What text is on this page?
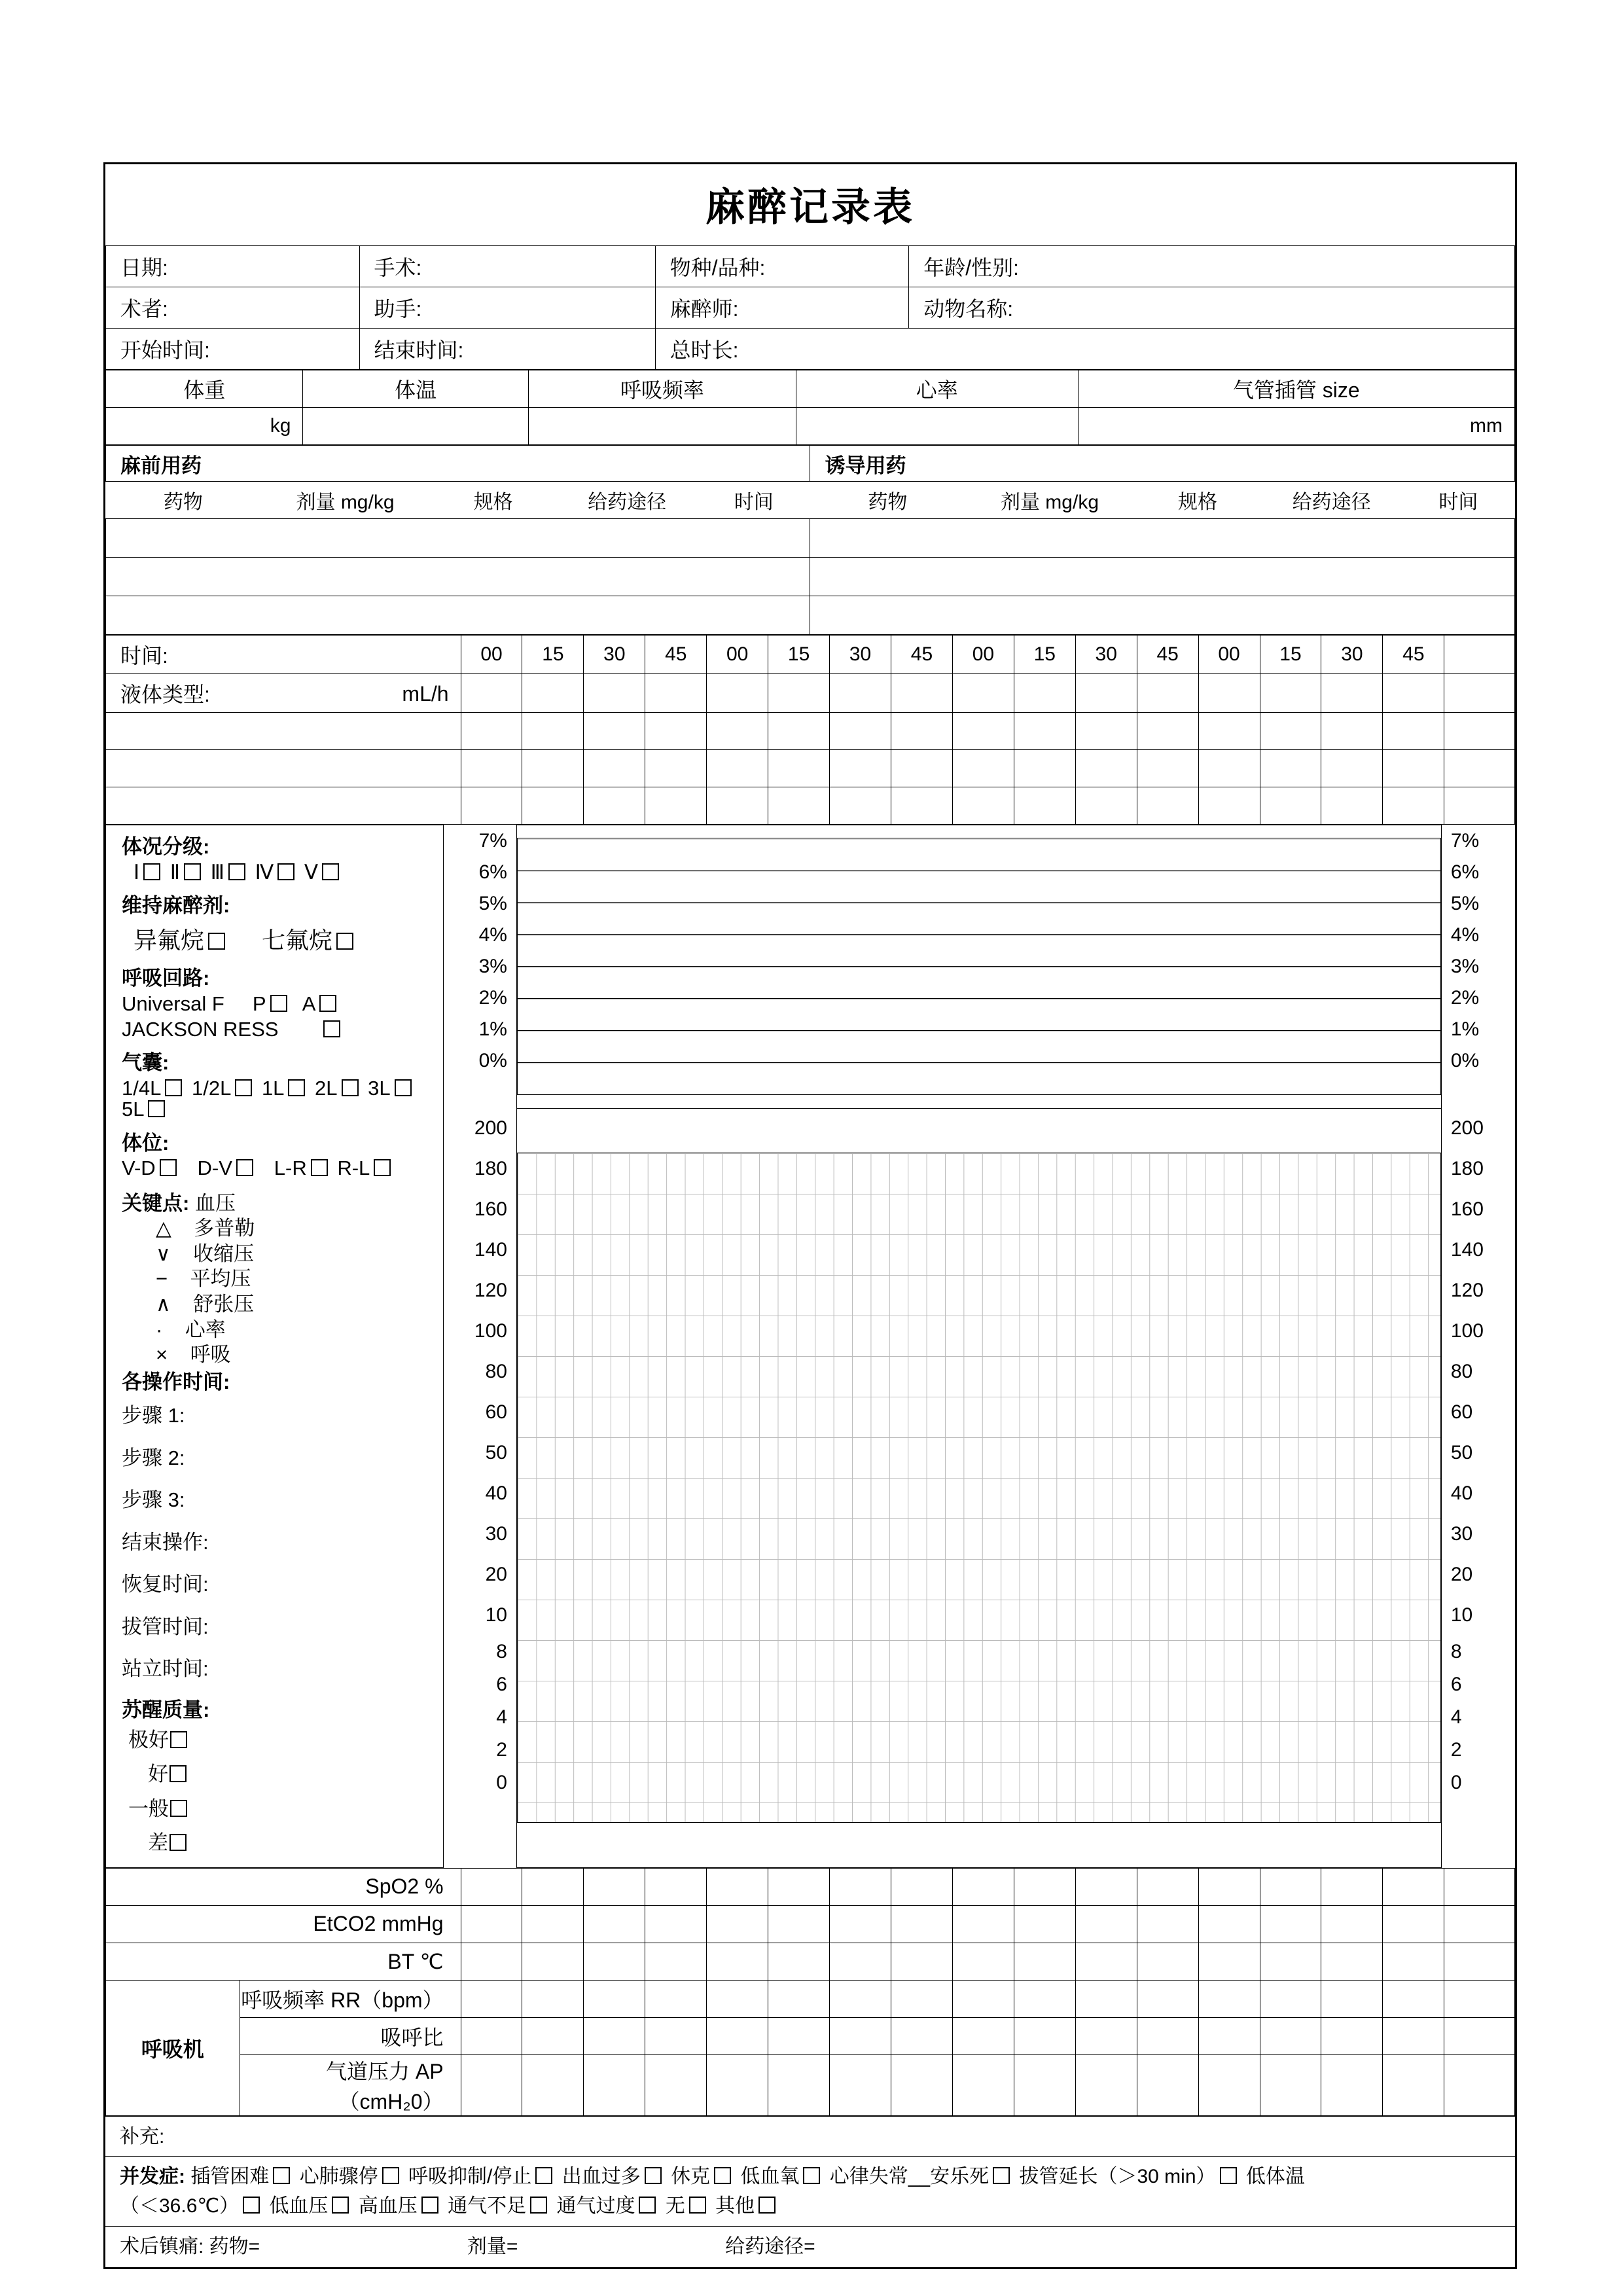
麻醉记录表
日期:	手术:	物种/品种:	年龄/性别:
术者:	助手:	麻醉师:	动物名称:
开始时间:	结束时间:	总时长:	
体重	体温	呼吸频率	心率	气管插管 size
kg				mm
麻前用药					诱导用药				
药物	剂量 mg/kg	规格	给药途径	时间	药物	剂量 mg/kg	规格	给药途径	时间

时间:	00	15	30	45	00	15	30	45	00	15	30	45	00	15	30	45	
液体类型: mL/h																	

体况分级:
Ⅰ Ⅱ Ⅲ Ⅳ Ⅴ
维持麻醉剂:
异氟烷 七氟烷
呼吸回路:
Universal F P A
JACKSON RESS
气囊:
1/4L 1/2L 1L 2L 3L 5L
体位:
V-D D-V L-R R-L
关键点: 血压
△ 多普勒
∨ 收缩压
− 平均压
∧ 舒张压
· 心率
× 呼吸
各操作时间:
步骤 1:
步骤 2:
步骤 3:
结束操作:
恢复时间:
拔管时间:
站立时间:
苏醒质量:
极好
好
一般
差

7%
6%
5%
4%
3%
2%
1%
0%

7%
6%
5%
4%
3%
2%
1%
0%

200
180
160
140
120
100
80
60
50
40
30
20
10
8
6
4
2
0

200
180
160
140
120
100
80
60
50
40
30
20
10
8
6
4
2
0
SpO2 %																		
EtCO2 mmHg																		
BT ℃																		
呼吸机	呼吸频率 RR（bpm）																	
	吸呼比																	
	气道压力 AP（cmH₂0）																	
补充:
并发症: 插管困难 心肺骤停 呼吸抑制/停止 出血过多 休克 低血氧 心律失常__安乐死 拔管延长（＞30 min） 低体温
（＜36.6℃） 低血压 高血压 通气不足 通气过度 无 其他
术后镇痛: 药物=	剂量=	给药途径=
